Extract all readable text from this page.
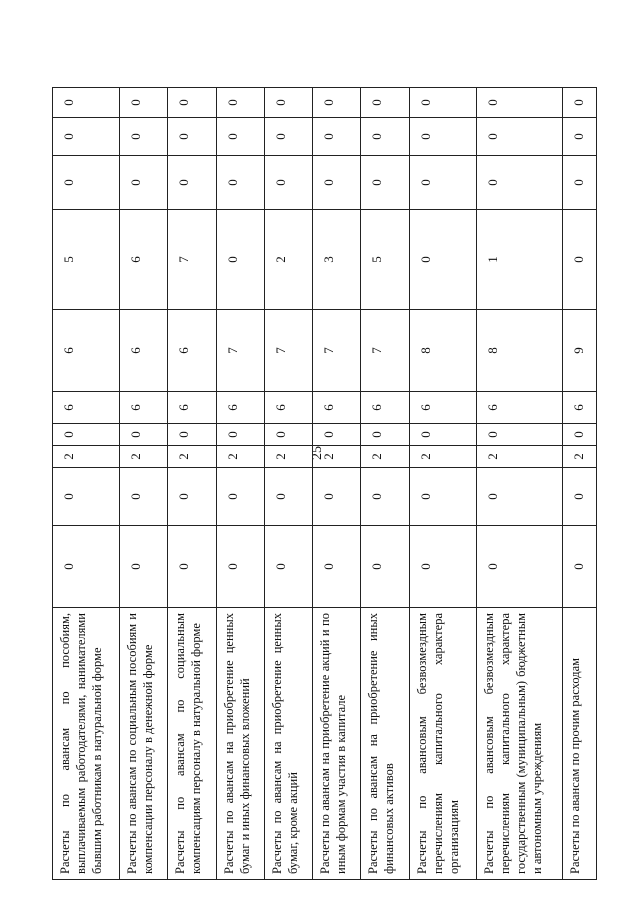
25
Расчеты по авансам по пособиям, выплачиваемым работодателями, нанимателями бывшим работникам в натуральной форме	0	0	2	0	6	6	5	0	0	0
Расчеты по авансам по социальным пособиям и компенсации персоналу в денежной форме	0	0	2	0	6	6	6	0	0	0
Расчеты по авансам по социальным компенсациям персоналу в натуральной форме	0	0	2	0	6	6	7	0	0	0
Расчеты по авансам на приобретение ценных бумаг и иных финансовых вложений	0	0	2	0	6	7	0	0	0	0
Расчеты по авансам на приобретение ценных бумаг, кроме акций	0	0	2	0	6	7	2	0	0	0
Расчеты по авансам на приобретение акций и по иным формам участия в капитале	0	0	2	0	6	7	3	0	0	0
Расчеты по авансам на приобретение иных финансовых активов	0	0	2	0	6	7	5	0	0	0
Расчеты по авансовым безвозмездным перечислениям капитального характера организациям	0	0	2	0	6	8	0	0	0	0
Расчеты по авансовым безвозмездным перечислениям капитального характера государственным (муниципальным) бюджетным и автономным учреждениям	0	0	2	0	6	8	1	0	0	0
Расчеты по авансам по прочим расходам	0	0	2	0	6	9	0	0	0	0
